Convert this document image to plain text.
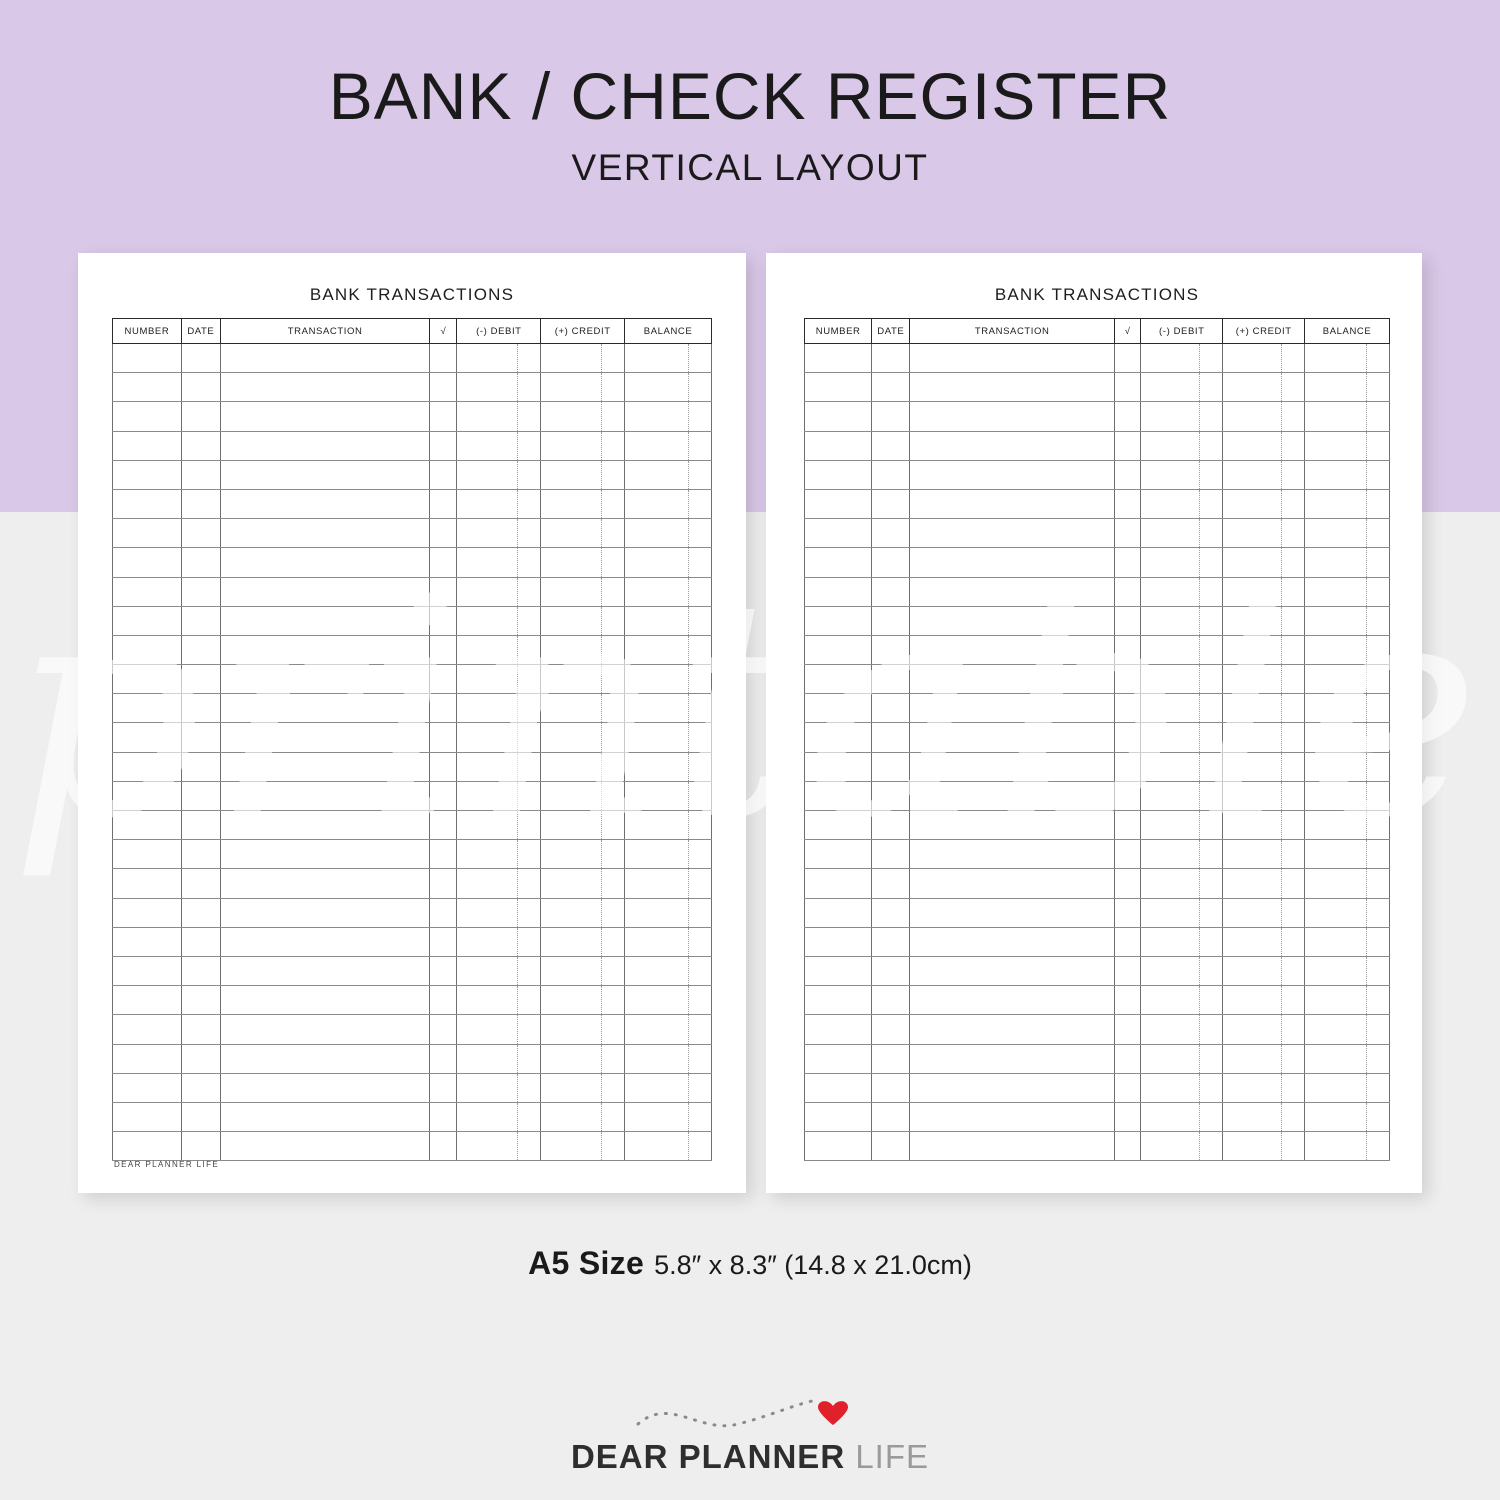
BANK / CHECK REGISTER
VERTICAL LAYOUT
BANK TRANSACTIONS
NUMBER	DATE	TRANSACTION	√	(-) DEBIT	(+) CREDIT	BALANCE

DEAR PLANNER LIFE
BANK TRANSACTIONS
NUMBER	DATE	TRANSACTION	√	(-) DEBIT	(+) CREDIT	BALANCE

printable
A5 Size 5.8″ x 8.3″ (14.8 x 21.0cm)
DEAR PLANNER LIFE
